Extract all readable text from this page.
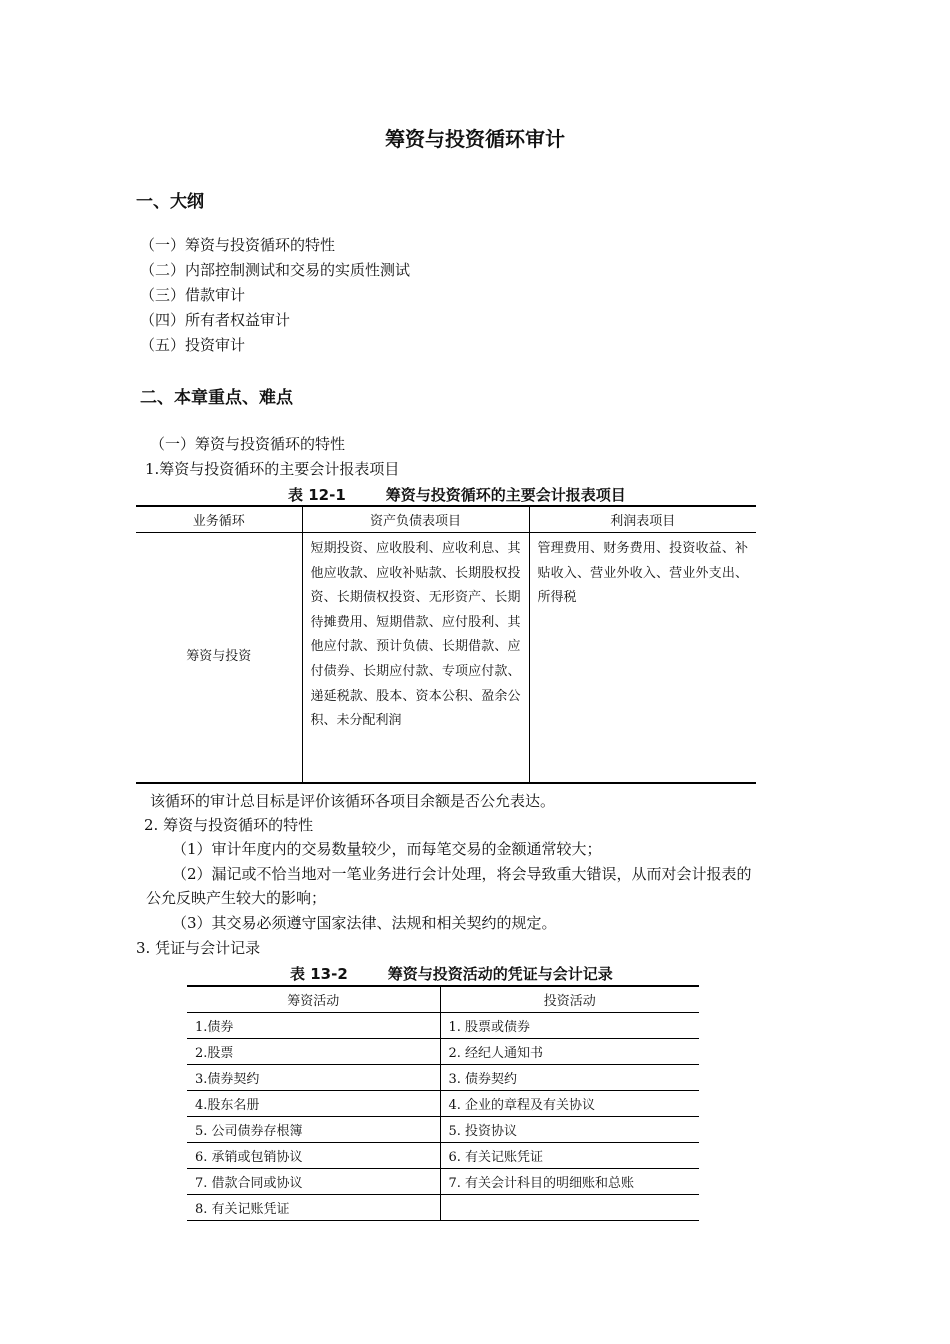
筹资与投资循环审计
一、大纲
（一）筹资与投资循环的特性
（二）内部控制测试和交易的实质性测试
（三）借款审计
（四）所有者权益审计
（五）投资审计
二、本章重点、难点
（一）筹资与投资循环的特性
1.筹资与投资循环的主要会计报表项目
表 12-1	筹资与投资循环的主要会计报表项目
业务循环	资产负债表项目	利润表项目
筹资与投资	短期投资、应收股利、应收利息、其他应收款、应收补贴款、长期股权投资、长期债权投资、无形资产、长期待摊费用、短期借款、应付股利、其他应付款、预计负债、长期借款、应付债券、长期应付款、专项应付款、递延税款、股本、资本公积、盈余公积、未分配利润	管理费用、财务费用、投资收益、补贴收入、营业外收入、营业外支出、所得税
该循环的审计总目标是评价该循环各项目余额是否公允表达。
2. 筹资与投资循环的特性
（1）审计年度内的交易数量较少，而每笔交易的金额通常较大；
（2）漏记或不恰当地对一笔业务进行会计处理，将会导致重大错误，从而对会计报表的
公允反映产生较大的影响；
（3）其交易必须遵守国家法律、法规和相关契约的规定。
3. 凭证与会计记录
表 13-2	筹资与投资活动的凭证与会计记录
筹资活动	投资活动
1.债券	1. 股票或债券
2.股票	2. 经纪人通知书
3.债券契约	3. 债券契约
4.股东名册	4. 企业的章程及有关协议
5. 公司债券存根簿	5. 投资协议
6. 承销或包销协议	6. 有关记账凭证
7. 借款合同或协议	7. 有关会计科目的明细账和总账
8. 有关记账凭证	
